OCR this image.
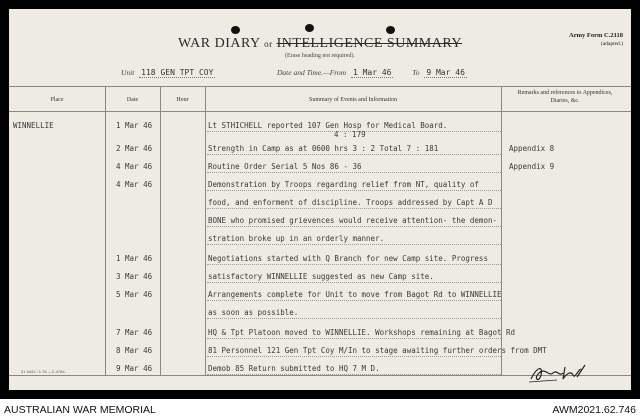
WAR DIARY or INTELLIGENCE SUMMARY
(Erase heading not required).
Army Form C.2118
(adapted.)
Unit 118 GEN TPT COY	Date and Time.—From 1 Mar 46	To 9 Mar 46
Place	Date	Hour	Summary of Events and Information
Remarks and references to Appendices, Diaries, &c.
WINNELLIE	1 Mar 46	Lt STHICHELL reported 107 Gen Hosp for Medical Board.
4 : 179
2 Mar 46	Strength in Camp as at 0600 hrs 3 : 2 Total 7 : 181	Appendix 8
4 Mar 46	Routine Order Serial 5 Nos 86 - 36	Appendix 9
4 Mar 46	Demonstration by Troops regarding relief from NT, quality of
food, and enforment of discipline. Troops addressed by Capt A D
BONE who promised grievences would receive attention- the demon-
stration broke up in an orderly manner.
1 Mar 46	Negotiations started with Q Branch for new Camp site. Progress
3 Mar 46	satisfactory WINNELLIE suggested as new Camp site.
5 Mar 46	Arrangements complete for Unit to move from Bagot Rd to WINNELLIE
as soon as possible.
7 Mar 46	HQ & Tpt Platoon moved to WINNELLIE. Workshops remaining at Bagot Rd
8 Mar 46	81 Personnel 121 Gen Tpt Coy M/In to stage awaiting further orders from DMT
9 Mar 46	Demob 85 Return submitted to HQ 7 M D.
21 3441 / 1.76 —C.4784.
AUSTRALIAN WAR MEMORIAL	AWM2021.62.746
